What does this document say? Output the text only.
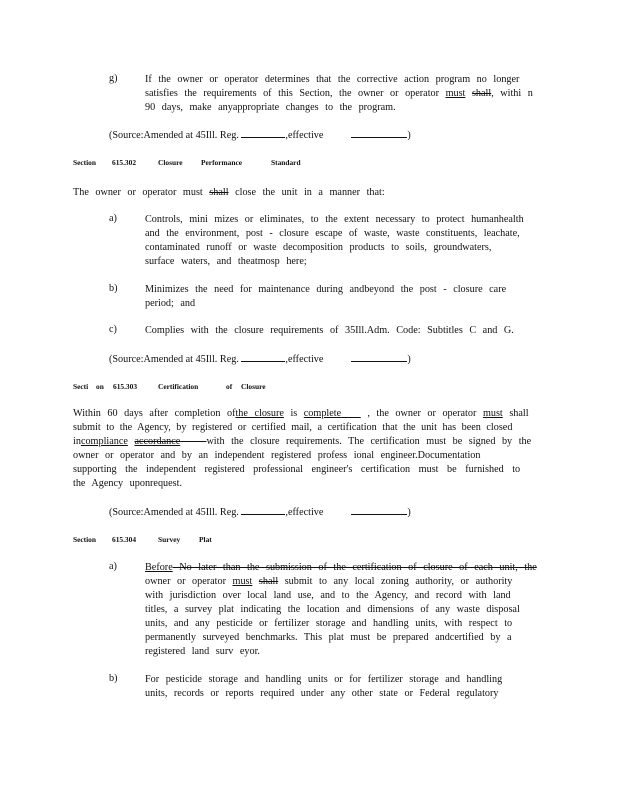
g)	If the owner or operator determines that the corrective action program no longer
satisfies the requirements of this Section, the owner or operator must shall, withi n
90 days, make anyappropriate changes to the program.
(Source:Amended at 45Ill. Reg.	,effective	)
Section 615.302	Closure	Performance	Standard
The owner or operator must shall close the unit in a manner that:
a)	Controls, mini mizes or eliminates, to the extent necessary to protect humanhealth
and the environment, post - closure escape of waste, waste constituents, leachate,
contaminated runoff or waste decomposition products to soils, groundwaters,
surface waters, and theatmosp here;
b)	Minimizes the need for maintenance during andbeyond the post - closure care
period; and
c)	Complies with the closure requirements of 35Ill.Adm. Code: Subtitles C and G.
(Source:Amended at 45Ill. Reg.	,effective	)
Secti on 615.303	Certification	of Closure
Within 60 days after completion ofthe closure is complete    , the owner or operator must shall
submit to the Agency, by registered or certified mail, a certification that the unit has been closed
incompliance accordance	with the closure requirements. The certification must be signed by the
owner or operator and by an independent registered profess ional engineer.Documentation
supporting the independent registered professional engineer's certification must be furnished to
the Agency uponrequest.
(Source:Amended at 45Ill. Reg.	,effective	)
Section 615.304	Survey	Plat
a)	Before No later than the submission of the certification of closure of each unit, the
owner or operator must shall submit to any local zoning authority, or authority
with jurisdiction over local land use, and to the Agency, and record with land
titles, a survey plat indicating the location and dimensions of any waste disposal
units, and any pesticide or fertilizer storage and handling units, with respect to
permanently surveyed benchmarks. This plat must be prepared andcertified by a
registered land surv eyor.
b)	For pesticide storage and handling units or for fertilizer storage and handling
units, records or reports required under any other state or Federal regulatory
